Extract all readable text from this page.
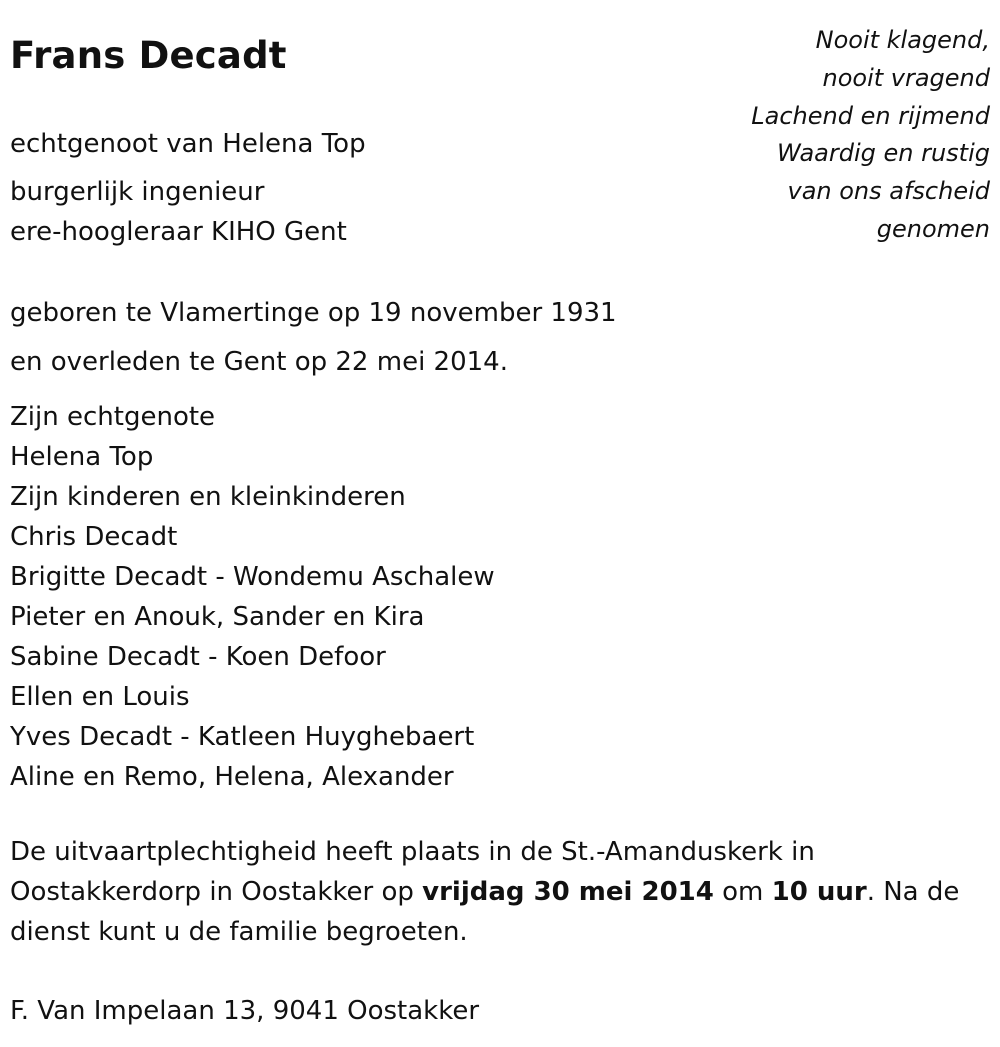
Frans Decadt	Nooit klagend,
nooit vragend
Lachend en rijmend
Waardig en rustig
van ons afscheid
genomen
echtgenoot van Helena Top
burgerlijk ingenieur
ere-hoogleraar KIHO Gent
geboren te Vlamertinge op 19 november 1931
en overleden te Gent op 22 mei 2014.
Zijn echtgenote
Helena Top
Zijn kinderen en kleinkinderen
Chris Decadt
Brigitte Decadt - Wondemu Aschalew
Pieter en Anouk, Sander en Kira
Sabine Decadt - Koen Defoor
Ellen en Louis
Yves Decadt - Katleen Huyghebaert
Aline en Remo, Helena, Alexander
De uitvaartplechtigheid heeft plaats in de St.-Amanduskerk in Oostakkerdorp in Oostakker op vrijdag 30 mei 2014 om 10 uur. Na de dienst kunt u de familie begroeten.
F. Van Impelaan 13, 9041 Oostakker
